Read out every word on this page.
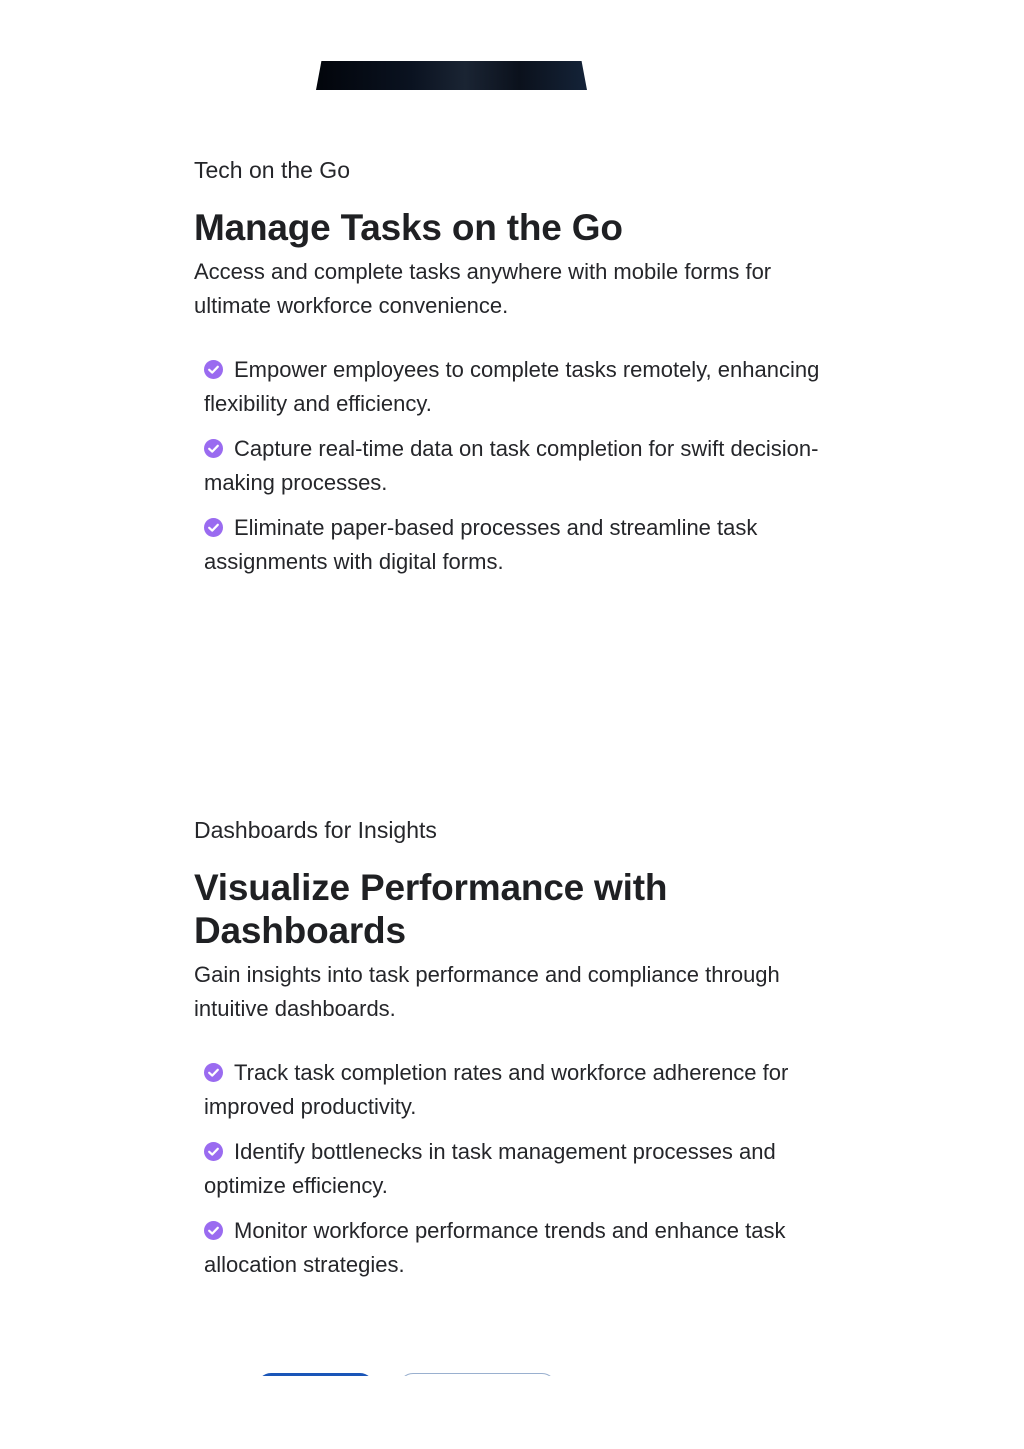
Tech on the Go

Manage Tasks on the Go

Access and complete tasks anywhere with mobile forms for ultimate workforce convenience.

Empower employees to complete tasks remotely, enhancing flexibility and efficiency.
Capture real-time data on task completion for swift decision-making processes.
Eliminate paper-based processes and streamline task assignments with digital forms.

Dashboards for Insights

Visualize Performance with Dashboards

Gain insights into task performance and compliance through intuitive dashboards.

Track task completion rates and workforce adherence for improved productivity.
Identify bottlenecks in task management processes and optimize efficiency.
Monitor workforce performance trends and enhance task allocation strategies.
